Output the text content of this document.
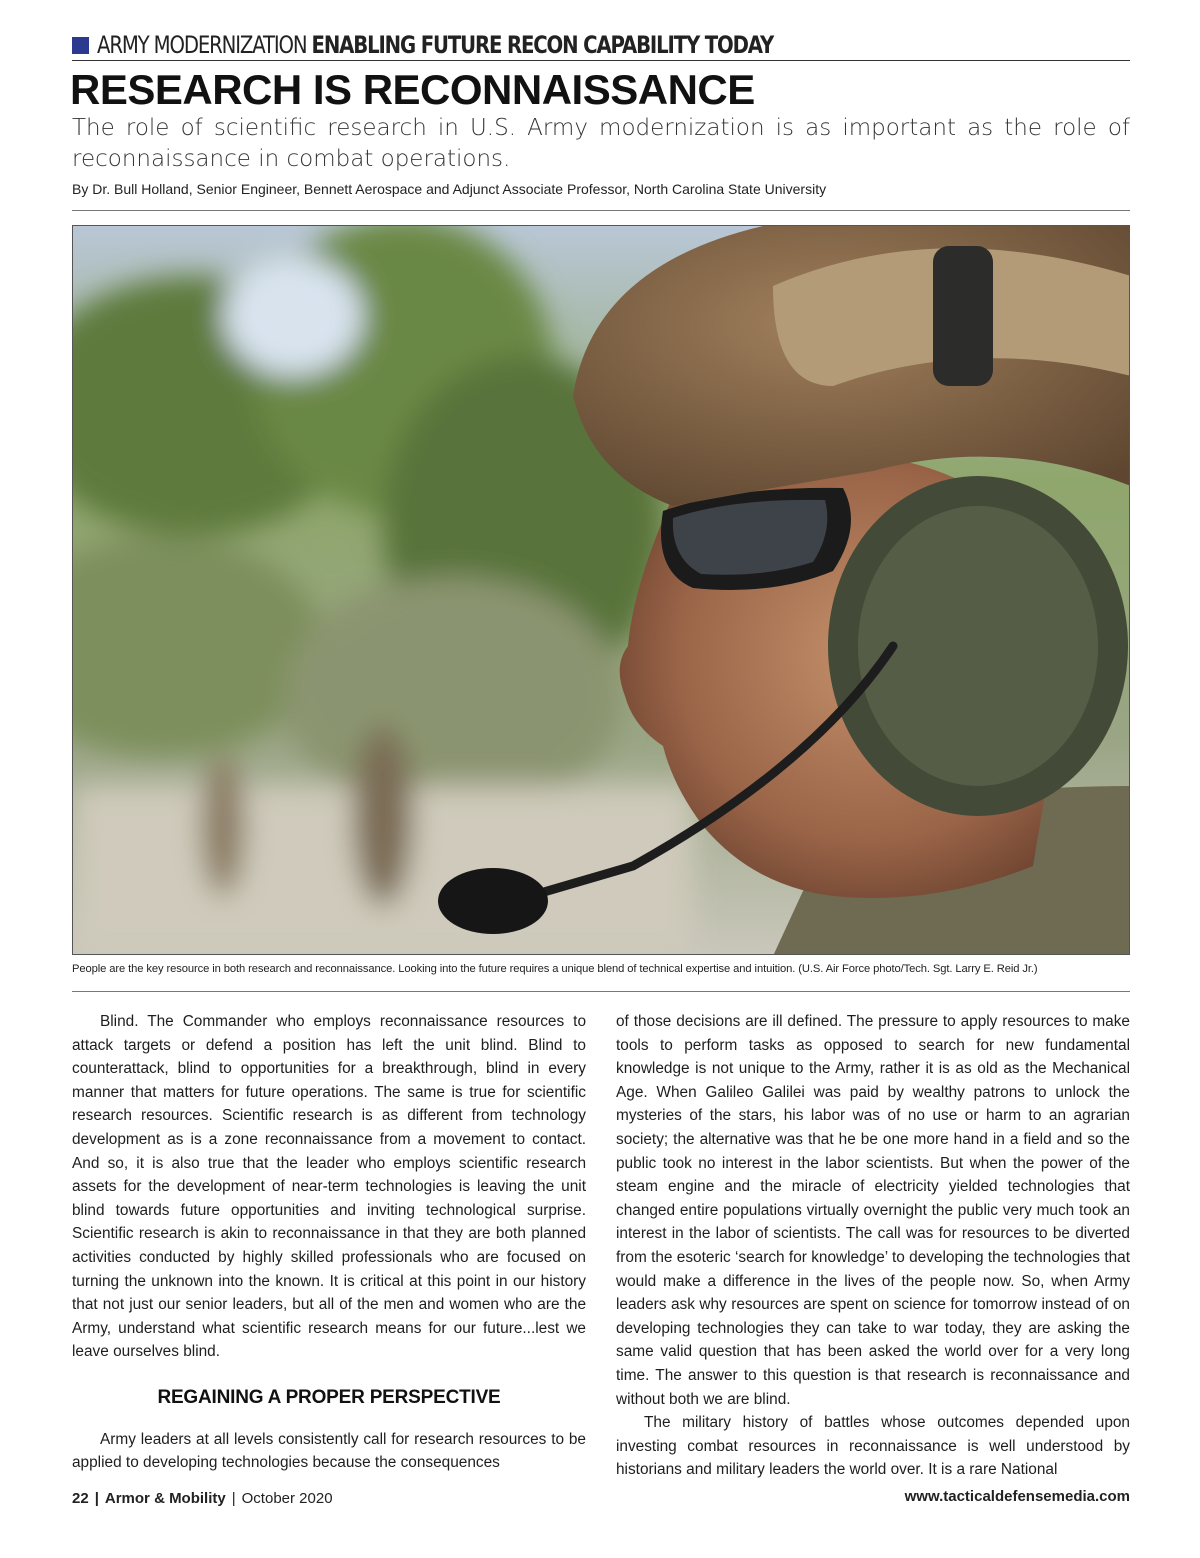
ARMY MODERNIZATION ENABLING FUTURE RECON CAPABILITY TODAY
RESEARCH IS RECONNAISSANCE

The role of scientific research in U.S. Army modernization is as important as the role of reconnaissance in combat operations.

By Dr. Bull Holland, Senior Engineer, Bennett Aerospace and Adjunct Associate Professor, North Carolina State University

People are the key resource in both research and reconnaissance. Looking into the future requires a unique blend of technical expertise and intuition. (U.S. Air Force photo/Tech. Sgt. Larry E. Reid Jr.)

Blind. The Commander who employs reconnaissance resources to attack targets or defend a position has left the unit blind. Blind to counterattack, blind to opportunities for a breakthrough, blind in every manner that matters for future operations. The same is true for scientific research resources. Scientific research is as different from technology development as is a zone reconnaissance from a movement to contact. And so, it is also true that the leader who employs scientific research assets for the development of near-term technologies is leaving the unit blind towards future opportunities and inviting technological surprise. Scientific research is akin to reconnaissance in that they are both planned activities conducted by highly skilled professionals who are focused on turning the unknown into the known. It is critical at this point in our history that not just our senior leaders, but all of the men and women who are the Army, understand what scientific research means for our future...lest we leave ourselves blind.

REGAINING A PROPER PERSPECTIVE

Army leaders at all levels consistently call for research resources to be applied to developing technologies because the consequences

of those decisions are ill defined. The pressure to apply resources to make tools to perform tasks as opposed to search for new fundamental knowledge is not unique to the Army, rather it is as old as the Mechanical Age. When Galileo Galilei was paid by wealthy patrons to unlock the mysteries of the stars, his labor was of no use or harm to an agrarian society; the alternative was that he be one more hand in a field and so the public took no interest in the labor scientists. But when the power of the steam engine and the miracle of electricity yielded technologies that changed entire populations virtually overnight the public very much took an interest in the labor of scientists. The call was for resources to be diverted from the esoteric ‘search for knowledge’ to developing the technologies that would make a difference in the lives of the people now. So, when Army leaders ask why resources are spent on science for tomorrow instead of on developing technologies they can take to war today, they are asking the same valid question that has been asked the world over for a very long time. The answer to this question is that research is reconnaissance and without both we are blind.

The military history of battles whose outcomes depended upon investing combat resources in reconnaissance is well understood by historians and military leaders the world over. It is a rare National

22 | Armor & Mobility | October 2020	www.tacticaldefensemedia.com
